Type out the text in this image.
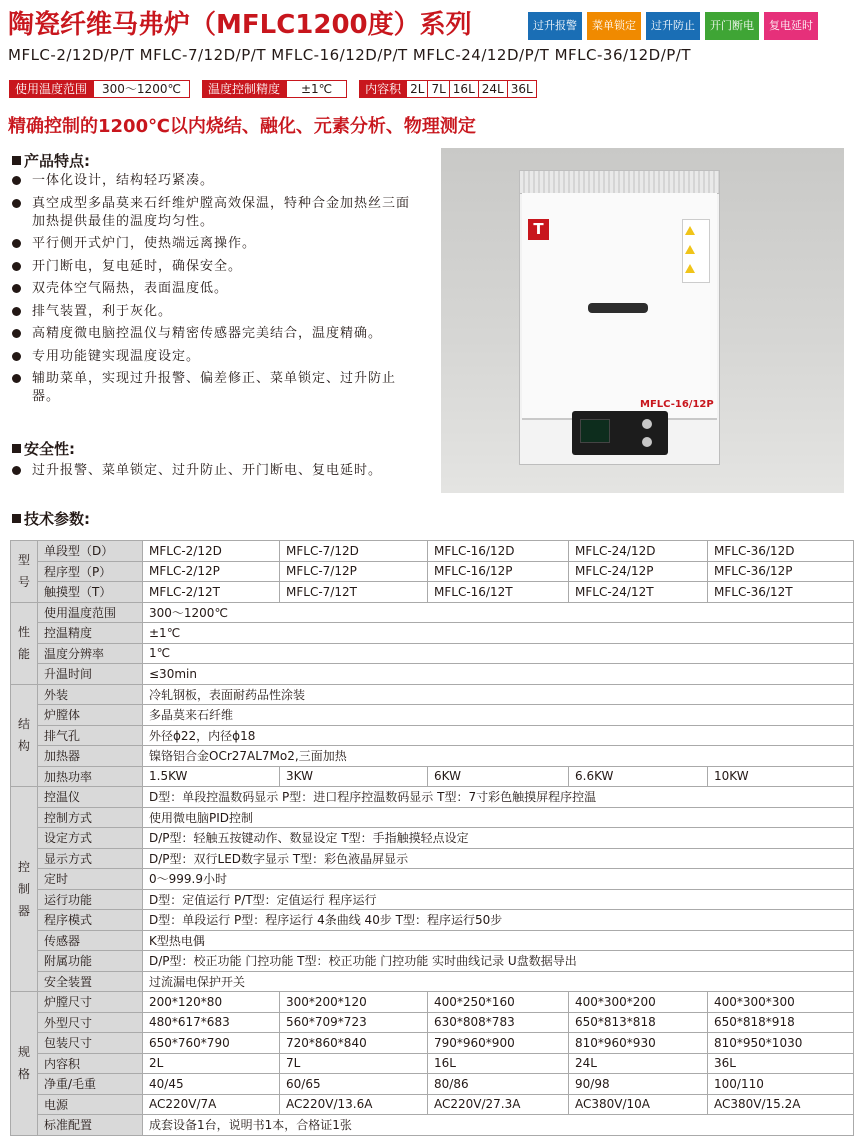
陶瓷纤维马弗炉（MFLC1200度）系列	过升报警	菜单锁定	过升防止	开门断电	复电延时
MFLC-2/12D/P/T MFLC-7/12D/P/T MFLC-16/12D/P/T MFLC-24/12D/P/T MFLC-36/12D/P/T
使用温度范围	300～1200℃	温度控制精度	±1℃	内容积 2L 7L 16L 24L 36L
精确控制的1200℃以内烧结、融化、元素分析、物理测定
产品特点:
一体化设计，结构轻巧紧凑。
真空成型多晶莫来石纤维炉膛高效保温，特种合金加热丝三面加热提供最佳的温度均匀性。
平行侧开式炉门，使热端远离操作。
开门断电，复电延时，确保安全。
双壳体空气隔热，表面温度低。
排气装置，利于灰化。
高精度微电脑控温仪与精密传感器完美结合，温度精确。
专用功能键实现温度设定。
辅助菜单，实现过升报警、偏差修正、菜单锁定、过升防止器。
安全性:
过升报警、菜单锁定、过升防止、开门断电、复电延时。
T

MFLC-16/12P
技术参数:
型
号	单段型（D）	MFLC-2/12D	MFLC-7/12D	MFLC-16/12D	MFLC-24/12D	MFLC-36/12D
	程序型（P）	MFLC-2/12P	MFLC-7/12P	MFLC-16/12P	MFLC-24/12P	MFLC-36/12P
	触摸型（T）	MFLC-2/12T	MFLC-7/12T	MFLC-16/12T	MFLC-24/12T	MFLC-36/12T
性
能	使用温度范围	300～1200℃				
	控温精度	±1℃				
	温度分辨率	1℃				
	升温时间	≤30min				
结
构	外装	冷轧钢板，表面耐药品性涂装				
	炉膛体	多晶莫来石纤维				
	排气孔	外径ϕ22，内径ϕ18				
	加热器	镍铬铝合金OCr27AL7Mo2,三面加热				
	加热功率	1.5KW	3KW	6KW	6.6KW	10KW
控
制
器	控温仪	D型：单段控温数码显示 P型：进口程序控温数码显示 T型：7寸彩色触摸屏程序控温				
	控制方式	使用微电脑PID控制				
	设定方式	D/P型：轻触五按键动作、数显设定 T型：手指触摸轻点设定				
	显示方式	D/P型：双行LED数字显示 T型：彩色液晶屏显示				
	定时	0～999.9小时				
	运行功能	D型：定值运行 P/T型：定值运行 程序运行				
	程序模式	D型：单段运行 P型：程序运行 4条曲线 40步 T型：程序运行50步				
	传感器	K型热电偶				
	附属功能	D/P型：校正功能 门控功能 T型：校正功能 门控功能 实时曲线记录 U盘数据导出				
	安全装置	过流漏电保护开关				
规
格	炉膛尺寸	200*120*80	300*200*120	400*250*160	400*300*200	400*300*300
	外型尺寸	480*617*683	560*709*723	630*808*783	650*813*818	650*818*918
	包装尺寸	650*760*790	720*860*840	790*960*900	810*960*930	810*950*1030
	内容积	2L	7L	16L	24L	36L
	净重/毛重	40/45	60/65	80/86	90/98	100/110
	电源	AC220V/7A	AC220V/13.6A	AC220V/27.3A	AC380V/10A	AC380V/15.2A
	标准配置	成套设备1台，说明书1本，合格证1张				
